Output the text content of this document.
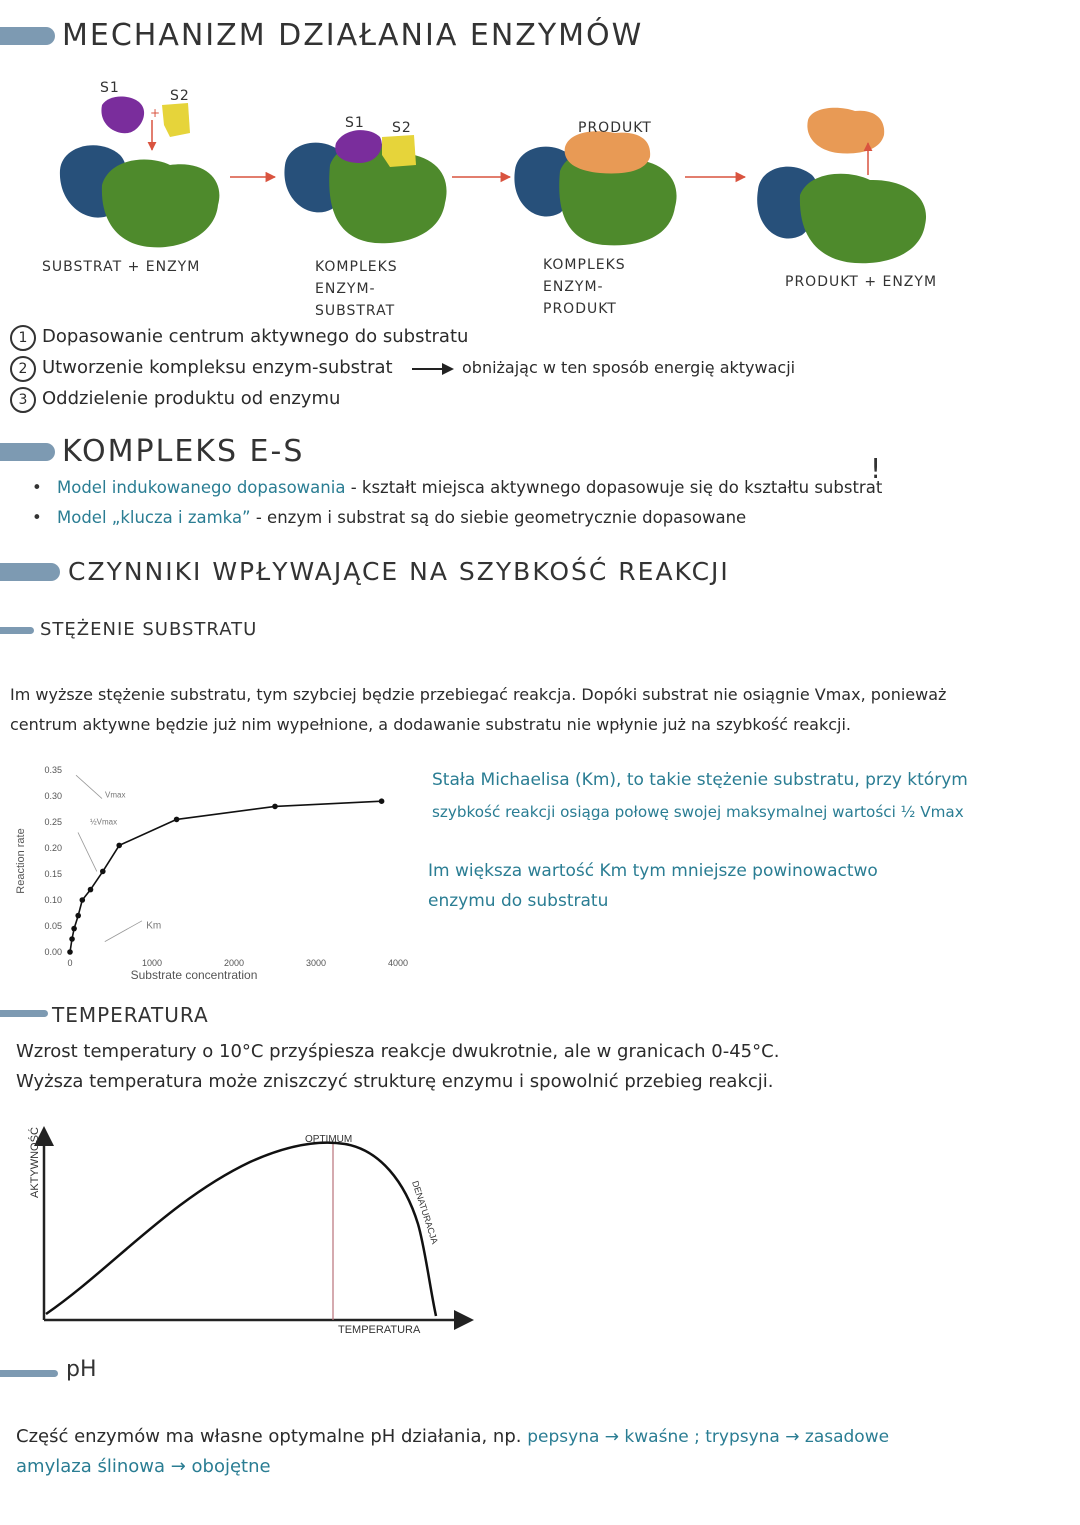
MECHANIZM DZIAŁANIA ENZYMÓW
+
S1	S2
S1 S2	PRODUKT
SUBSTRAT + ENZYM	KOMPLEKS ENZYM-SUBSTRAT
KOMPLEKS ENZYM-PRODUKT
PRODUKT + ENZYM
1 Dopasowanie centrum aktywnego do substratu
2 Utworzenie kompleksu enzym-substrat	obniżając w ten sposób energię aktywacji
3 Oddzielenie produktu od enzymu
KOMPLEKS E-S	!
• Model indukowanego dopasowania - kształt miejsca aktywnego dopasowuje się do kształtu substrat
• Model „klucza i zamka” - enzym i substrat są do siebie geometrycznie dopasowane
CZYNNIKI WPŁYWAJĄCE NA SZYBKOŚĆ REAKCJI
STĘŻENIE SUBSTRATU
Im wyższe stężenie substratu, tym szybciej będzie przebiegać reakcja. Dopóki substrat nie osiągnie Vmax, ponieważ
centrum aktywne będzie już nim wypełnione, a dodawanie substratu nie wpłynie już na szybkość reakcji.
0.00
0.05
0.10
0.15
0.20
0.25
0.30
0.35
0	1000	2000	3000	4000
Substrate concentration
Reaction rate
Vmax
½Vmax
Km
Stała Michaelisa (Km), to takie stężenie substratu, przy którym
szybkość reakcji osiąga połowę swojej maksymalnej wartości ½ Vmax
Im większa wartość Km tym mniejsze powinowactwo
enzymu do substratu
TEMPERATURA
Wzrost temperatury o 10°C przyśpiesza reakcje dwukrotnie, ale w granicach 0-45°C.
Wyższa temperatura może zniszczyć strukturę enzymu i spowolnić przebieg reakcji.
AKTYWNOŚĆ	OPTIMUM
DENATURACJA
TEMPERATURA
pH
Część enzymów ma własne optymalne pH działania, np. pepsyna → kwaśne ; trypsyna → zasadowe
amylaza ślinowa → obojętne
